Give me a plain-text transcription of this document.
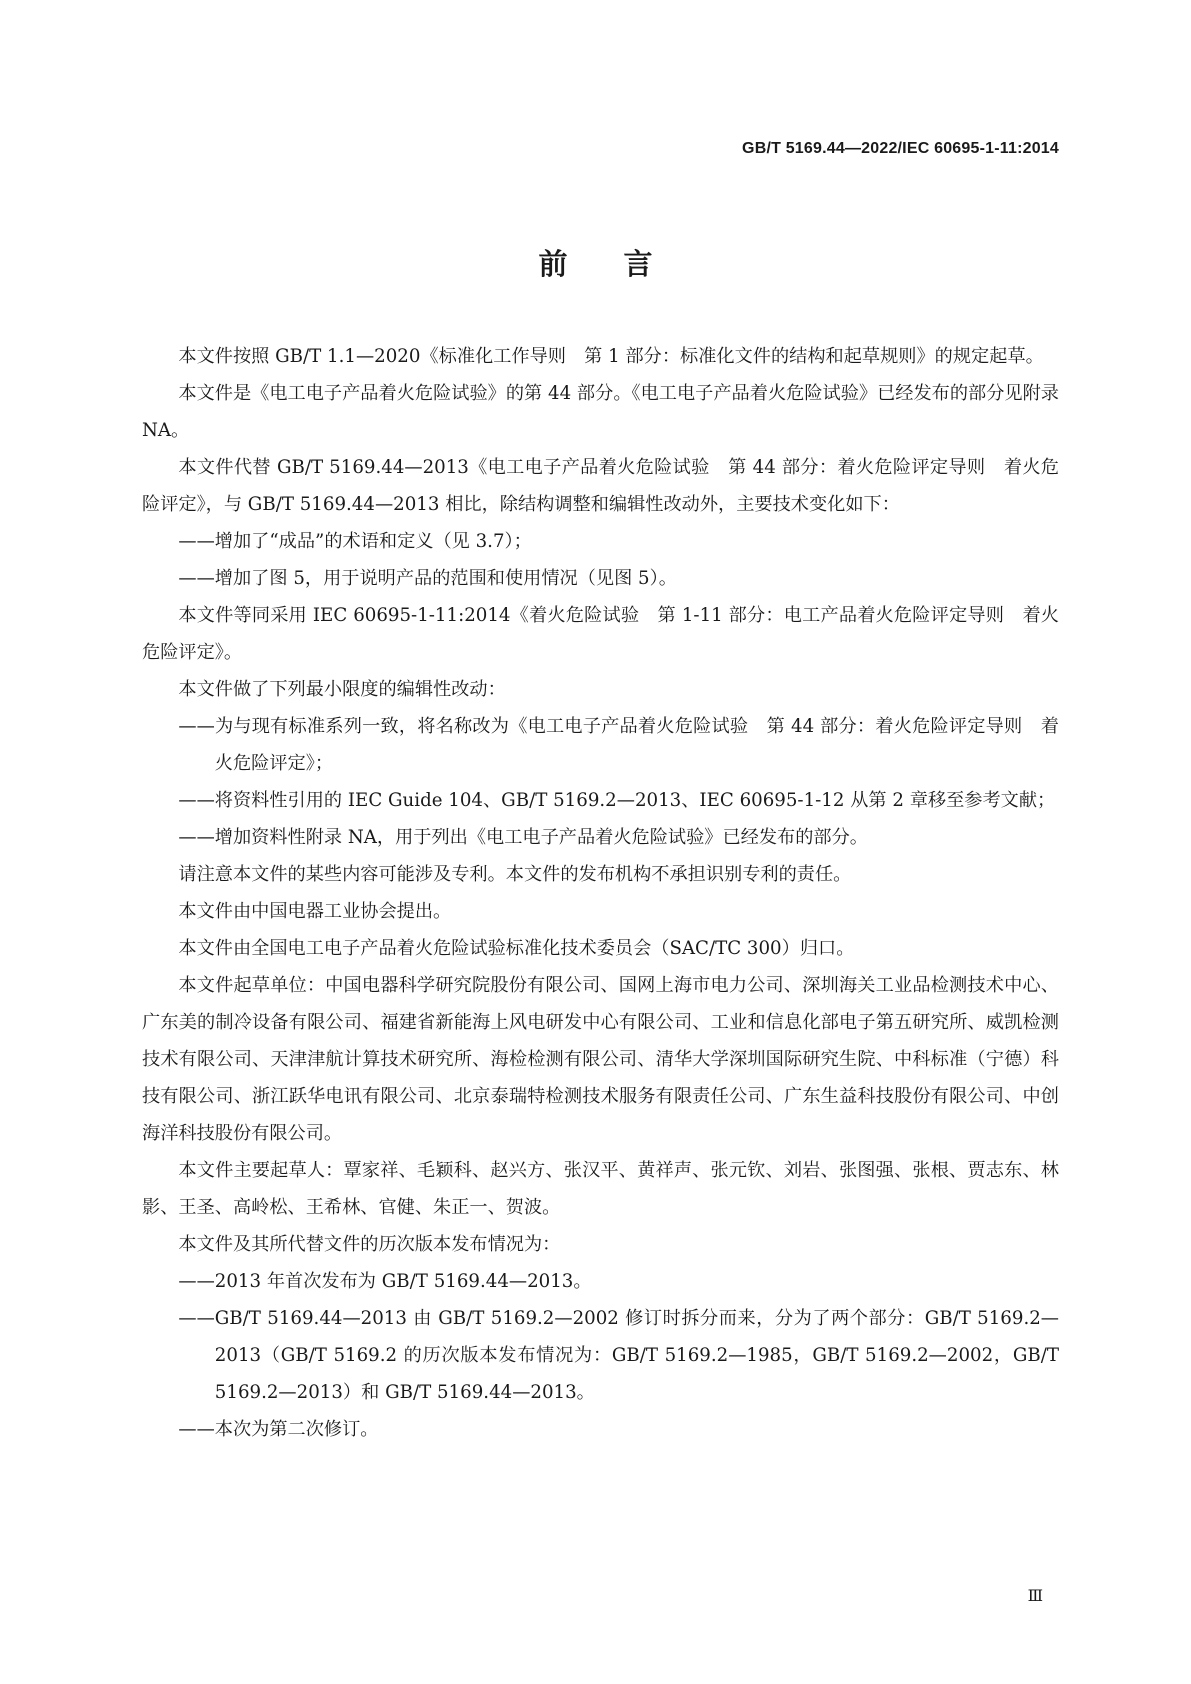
GB/T 5169.44—2022/IEC 60695-1-11:2014
前言

本文件按照 GB/T 1.1—2020《标准化工作导则　第 1 部分：标准化文件的结构和起草规则》的规定起草。

本文件是《电工电子产品着火危险试验》的第 44 部分。《电工电子产品着火危险试验》已经发布的部分见附录 NA。

本文件代替 GB/T 5169.44—2013《电工电子产品着火危险试验　第 44 部分：着火危险评定导则　着火危险评定》，与 GB/T 5169.44—2013 相比，除结构调整和编辑性改动外，主要技术变化如下：

——增加了“成品”的术语和定义（见 3.7）；

——增加了图 5，用于说明产品的范围和使用情况（见图 5）。

本文件等同采用 IEC 60695-1-11:2014《着火危险试验　第 1-11 部分：电工产品着火危险评定导则　着火危险评定》。

本文件做了下列最小限度的编辑性改动：

——为与现有标准系列一致，将名称改为《电工电子产品着火危险试验　第 44 部分：着火危险评定导则　着火危险评定》；

——将资料性引用的 IEC Guide 104、GB/T 5169.2—2013、IEC 60695-1-12 从第 2 章移至参考文献；

——增加资料性附录 NA，用于列出《电工电子产品着火危险试验》已经发布的部分。

请注意本文件的某些内容可能涉及专利。本文件的发布机构不承担识别专利的责任。

本文件由中国电器工业协会提出。

本文件由全国电工电子产品着火危险试验标准化技术委员会（SAC/TC 300）归口。

本文件起草单位：中国电器科学研究院股份有限公司、国网上海市电力公司、深圳海关工业品检测技术中心、广东美的制冷设备有限公司、福建省新能海上风电研发中心有限公司、工业和信息化部电子第五研究所、威凯检测技术有限公司、天津津航计算技术研究所、海检检测有限公司、清华大学深圳国际研究生院、中科标准（宁德）科技有限公司、浙江跃华电讯有限公司、北京泰瑞特检测技术服务有限责任公司、广东生益科技股份有限公司、中创海洋科技股份有限公司。

本文件主要起草人：覃家祥、毛颖科、赵兴方、张汉平、黄祥声、张元钦、刘岩、张图强、张根、贾志东、林影、王圣、高岭松、王希林、官健、朱正一、贺波。

本文件及其所代替文件的历次版本发布情况为：

——2013 年首次发布为 GB/T 5169.44—2013。

——GB/T 5169.44—2013 由 GB/T 5169.2—2002 修订时拆分而来，分为了两个部分：GB/T 5169.2—2013（GB/T 5169.2 的历次版本发布情况为：GB/T 5169.2—1985，GB/T 5169.2—2002，GB/T 5169.2—2013）和 GB/T 5169.44—2013。

——本次为第二次修订。

Ⅲ
